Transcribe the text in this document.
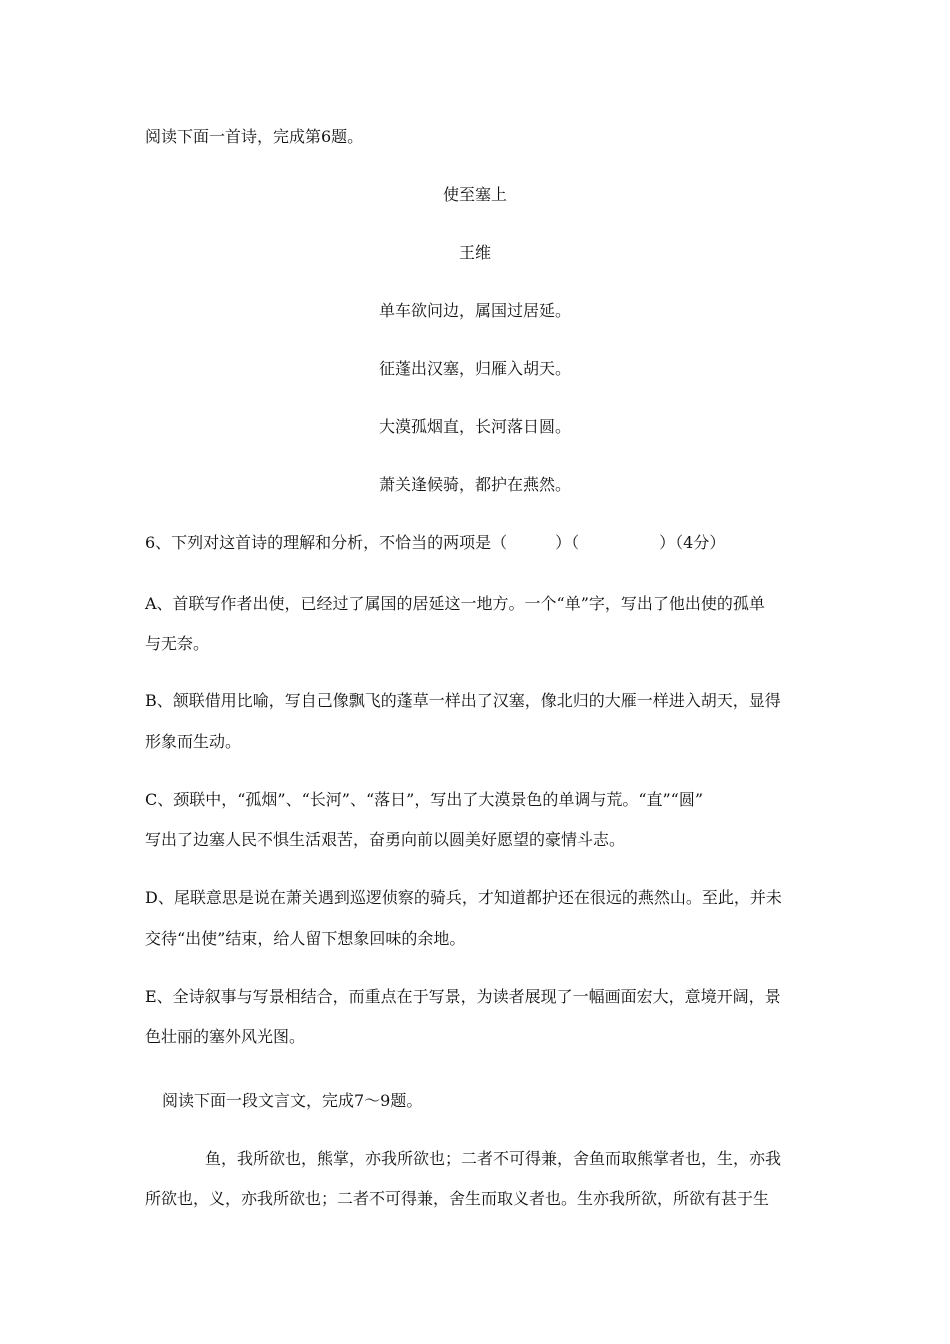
阅读下面一首诗，完成第6题。
使至塞上
王维
单车欲问边，属国过居延。
征蓬出汉塞，归雁入胡天。
大漠孤烟直，长河落日圆。
萧关逢候骑，都护在燕然。
6、下列对这首诗的理解和分析，不恰当的两项是（　　　）（　　　　　）（4分）
A、首联写作者出使，已经过了属国的居延这一地方。一个“单”字，写出了他出使的孤单
与无奈。
B、颔联借用比喻，写自己像飘飞的蓬草一样出了汉塞，像北归的大雁一样进入胡天，显得
形象而生动。
C、颈联中，“孤烟”、“长河”、“落日”，写出了大漠景色的单调与荒。“直”“圆”
写出了边塞人民不惧生活艰苦，奋勇向前以圆美好愿望的豪情斗志。
D、尾联意思是说在萧关遇到巡逻侦察的骑兵，才知道都护还在很远的燕然山。至此，并未
交待“出使”结束，给人留下想象回味的余地。
E、全诗叙事与写景相结合，而重点在于写景，为读者展现了一幅画面宏大，意境开阔，景
色壮丽的塞外风光图。
阅读下面一段文言文，完成7～9题。
鱼，我所欲也，熊掌，亦我所欲也；二者不可得兼，舍鱼而取熊掌者也，生，亦我
所欲也，义，亦我所欲也；二者不可得兼，舍生而取义者也。生亦我所欲，所欲有甚于生
